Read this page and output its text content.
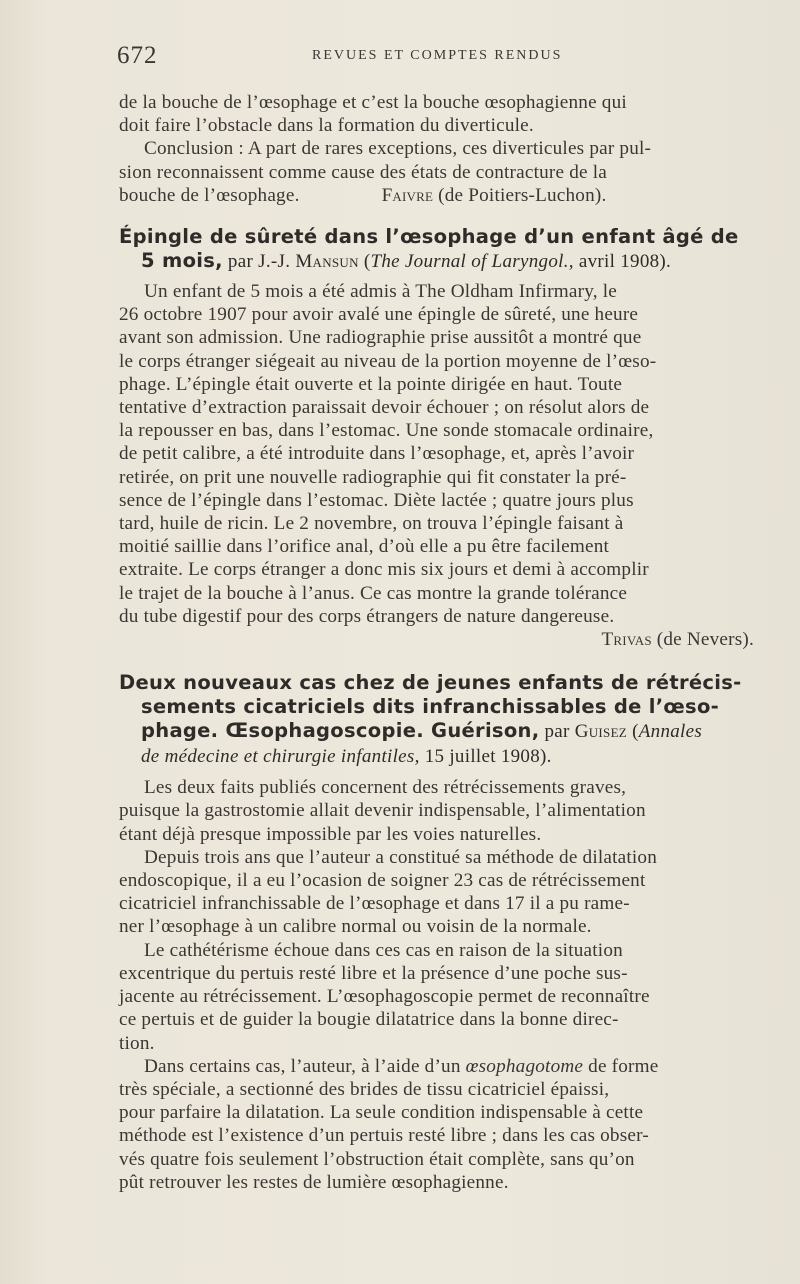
672	REVUES ET COMPTES RENDUS

de la bouche de l’œsophage et c’est la bouche œsophagienne qui
doit faire l’obstacle dans la formation du diverticule.

Conclusion : A part de rares exceptions, ces diverticules par pul-
sion reconnaissent comme cause des états de contracture de la
bouche de l’œsophage.	Faivre (de Poitiers-Luchon).

Épingle de sûreté dans l’œsophage d’un enfant âgé de
5 mois, par J.-J. Mansun (The Journal of Laryngol., avril 1908).

Un enfant de 5 mois a été admis à The Oldham Infirmary, le
26 octobre 1907 pour avoir avalé une épingle de sûreté, une heure
avant son admission. Une radiographie prise aussitôt a montré que
le corps étranger siégeait au niveau de la portion moyenne de l’œso-
phage. L’épingle était ouverte et la pointe dirigée en haut. Toute
tentative d’extraction paraissait devoir échouer ; on résolut alors de
la repousser en bas, dans l’estomac. Une sonde stomacale ordinaire,
de petit calibre, a été introduite dans l’œsophage, et, après l’avoir
retirée, on prit une nouvelle radiographie qui fit constater la pré-
sence de l’épingle dans l’estomac. Diète lactée ; quatre jours plus
tard, huile de ricin. Le 2 novembre, on trouva l’épingle faisant à
moitié saillie dans l’orifice anal, d’où elle a pu être facilement
extraite. Le corps étranger a donc mis six jours et demi à accomplir
le trajet de la bouche à l’anus. Ce cas montre la grande tolérance
du tube digestif pour des corps étrangers de nature dangereuse.

Trivas (de Nevers).

Deux nouveaux cas chez de jeunes enfants de rétrécis-
sements cicatriciels dits infranchissables de l’œso-
phage. Œsophagoscopie. Guérison, par Guisez (Annales
de médecine et chirurgie infantiles, 15 juillet 1908).

Les deux faits publiés concernent des rétrécissements graves,
puisque la gastrostomie allait devenir indispensable, l’alimentation
étant déjà presque impossible par les voies naturelles.

Depuis trois ans que l’auteur a constitué sa méthode de dilatation
endoscopique, il a eu l’ocasion de soigner 23 cas de rétrécissement
cicatriciel infranchissable de l’œsophage et dans 17 il a pu rame-
ner l’œsophage à un calibre normal ou voisin de la normale.

Le cathétérisme échoue dans ces cas en raison de la situation
excentrique du pertuis resté libre et la présence d’une poche sus-
jacente au rétrécissement. L’œsophagoscopie permet de reconnaître
ce pertuis et de guider la bougie dilatatrice dans la bonne direc-
tion.

Dans certains cas, l’auteur, à l’aide d’un œsophagotome de forme
très spéciale, a sectionné des brides de tissu cicatriciel épaissi,
pour parfaire la dilatation. La seule condition indispensable à cette
méthode est l’existence d’un pertuis resté libre ; dans les cas obser-
vés quatre fois seulement l’obstruction était complète, sans qu’on
pût retrouver les restes de lumière œsophagienne.
